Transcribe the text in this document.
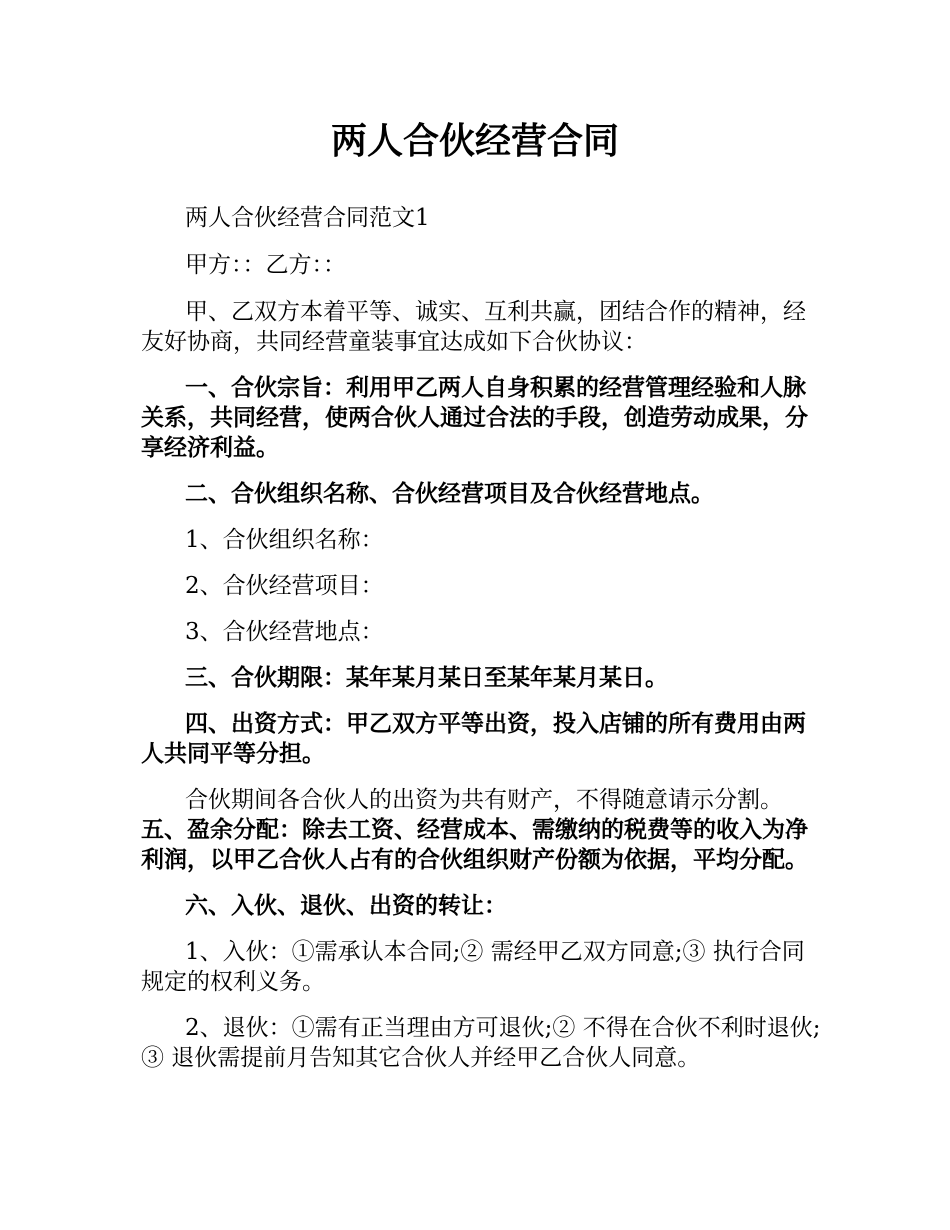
两人合伙经营合同

两人合伙经营合同范文1

甲方：：乙方：：

甲、乙双方本着平等、诚实、互利共赢，团结合作的精神，经友好协商，共同经营童装事宜达成如下合伙协议：

一、合伙宗旨：利用甲乙两人自身积累的经营管理经验和人脉关系，共同经营，使两合伙人通过合法的手段，创造劳动成果，分享经济利益。

二、合伙组织名称、合伙经营项目及合伙经营地点。

1、合伙组织名称：

2、合伙经营项目：

3、合伙经营地点：

三、合伙期限：某年某月某日至某年某月某日。

四、出资方式：甲乙双方平等出资，投入店铺的所有费用由两人共同平等分担。

合伙期间各合伙人的出资为共有财产，不得随意请示分割。

五、盈余分配：除去工资、经营成本、需缴纳的税费等的收入为净利润，以甲乙合伙人占有的合伙组织财产份额为依据，平均分配。

六、入伙、退伙、出资的转让：

1、入伙：①需承认本合同;② 需经甲乙双方同意;③ 执行合同规定的权利义务。

2、退伙：①需有正当理由方可退伙;② 不得在合伙不利时退伙;③ 退伙需提前月告知其它合伙人并经甲乙合伙人同意。
